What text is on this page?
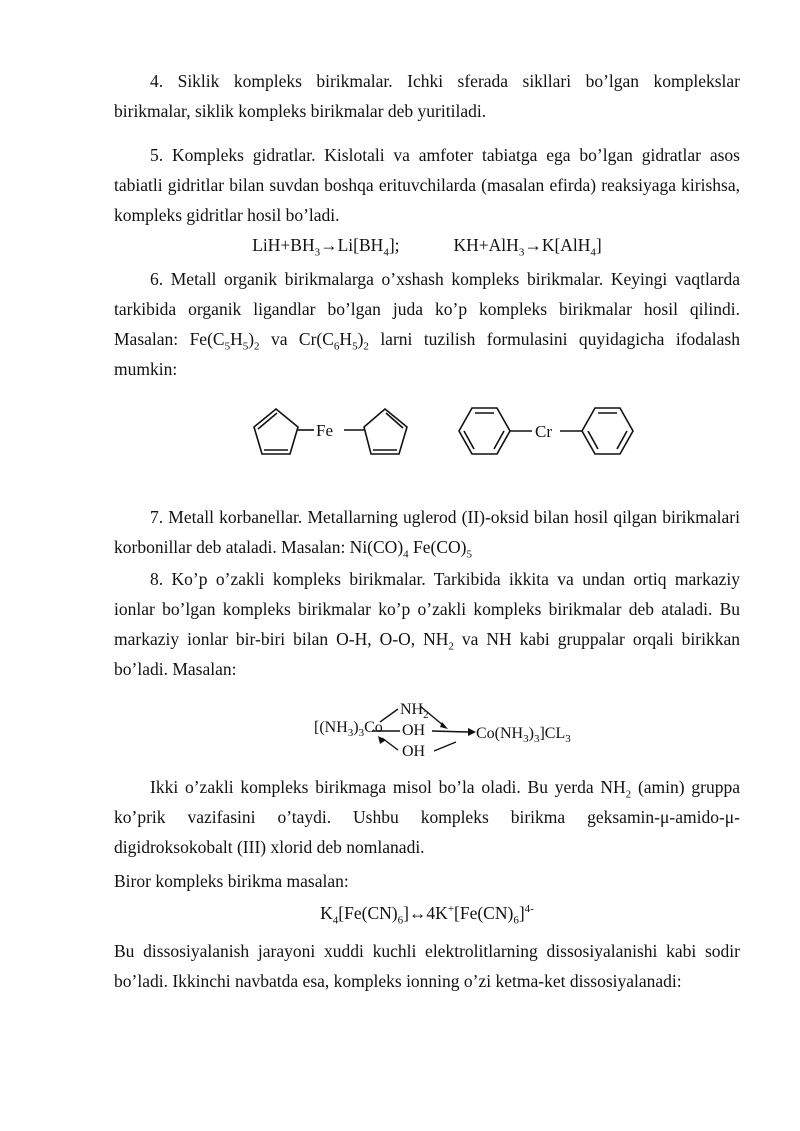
4. Siklik kompleks birikmalar. Ichki sferada sikllari bo’lgan komplekslar birikmalar, siklik kompleks birikmalar deb yuritiladi.

5. Kompleks gidratlar. Kislotali va amfoter tabiatga ega bo’lgan gidratlar asos tabiatli gidritlar bilan suvdan boshqa erituvchilarda (masalan efirda) reaksiyaga kirishsa, kompleks gidritlar hosil bo’ladi.

$LiH+BH_3\to Li[BH_4]$;	KH+AlH$_3$→K[AlH$_4$]

6. Metall organik birikmalarga o’xshash kompleks birikmalar. Keyingi vaqtlarda tarkibida organik ligandlar bo’lgan juda ko’p kompleks birikmalar hosil qilindi. Masalan: $Fe(C_5H_5)_2$ va $Cr(C_6H_5)_2$ larni tuzilish formulasini quyidagicha ifodalash mumkin:

Fe	Cr

7. Metall korbanellar. Metallarning uglerod (II)-oksid bilan hosil qilgan birikmalari korbonillar deb ataladi. Masalan: $Ni(CO)_4$ $Fe(CO)_5$

8. Ko’p o’zakli kompleks birikmalar. Tarkibida ikkita va undan ortiq markaziy ionlar bo’lgan kompleks birikmalar ko’p o’zakli kompleks birikmalar deb ataladi. Bu markaziy ionlar bir-biri bilan O-H, O-O, $NH_2$ va NH kabi gruppalar orqali birikkan bo’ladi. Masalan:

[$(NH_3)_3Co$
$NH_2$
OH
OH
$Co(NH_3)_3]CL_3$

Ikki o’zakli kompleks birikmaga misol bo’la oladi. Bu yerda $NH_2$ (amin) gruppa ko’prik vazifasini o’taydi. Ushbu kompleks birikma geksamin-μ-amido-μ-digidroksokobalt (III) xlorid deb nomlanadi.

Biror kompleks birikma masalan:

$K_4[Fe(CN)_6]\leftrightarrow 4K^+[Fe(CN)_6]^{4-}$

Bu dissosiyalanish jarayoni xuddi kuchli elektrolitlarning dissosiyalanishi kabi sodir bo’ladi. Ikkinchi navbatda esa, kompleks ionning o’zi ketma-ket dissosiyalanadi:
